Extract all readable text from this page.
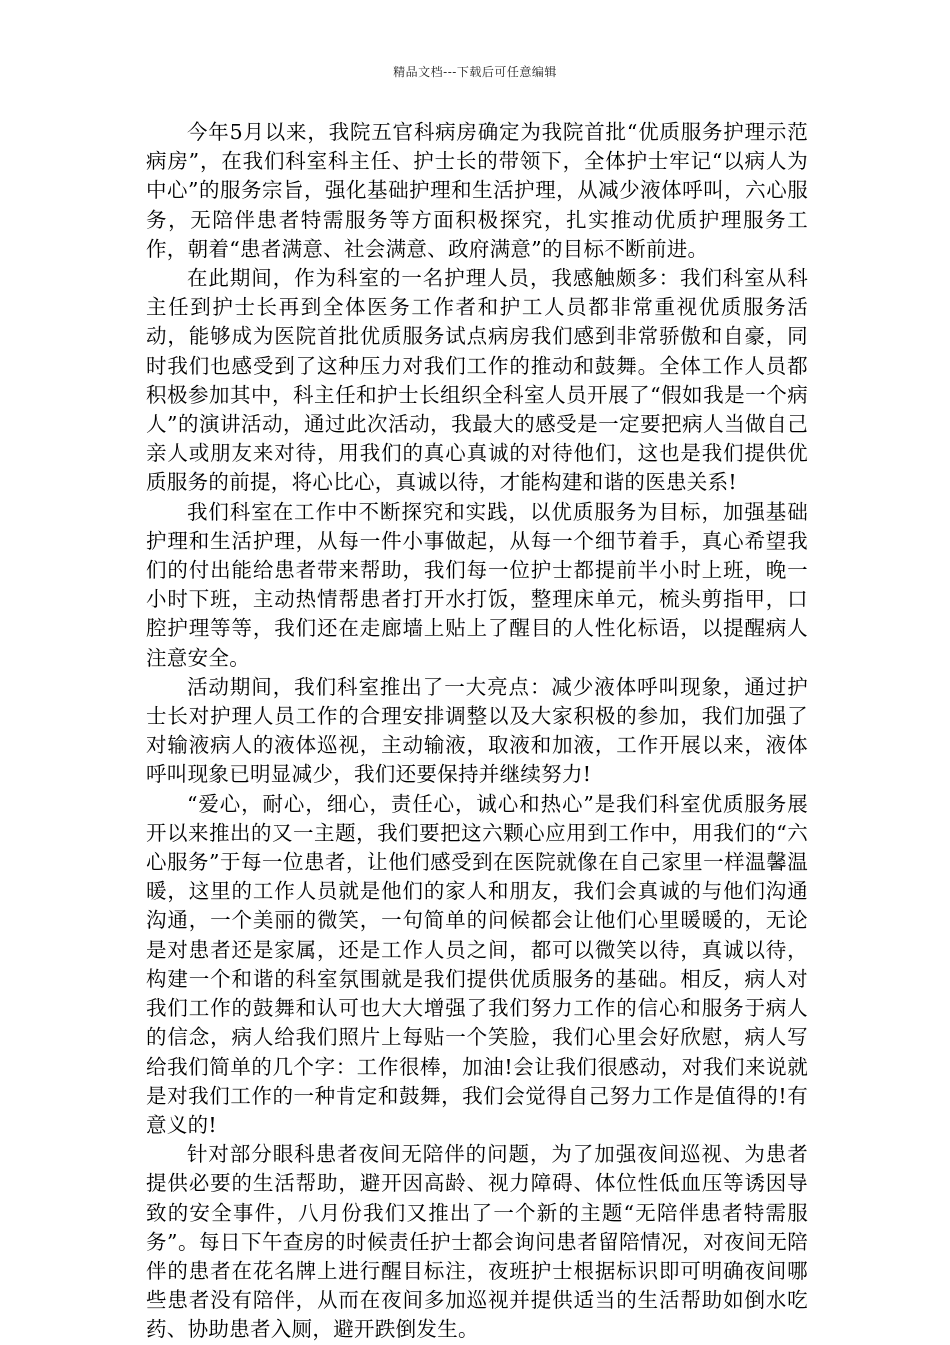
精品文档---下载后可任意编辑

今年5月以来，我院五官科病房确定为我院首批“优质服务护理示范病房”，在我们科室科主任、护士长的带领下，全体护士牢记“以病人为中心”的服务宗旨，强化基础护理和生活护理，从减少液体呼叫，六心服务，无陪伴患者特需服务等方面积极探究，扎实推动优质护理服务工作，朝着“患者满意、社会满意、政府满意”的目标不断前进。

在此期间，作为科室的一名护理人员，我感触颇多：我们科室从科主任到护士长再到全体医务工作者和护工人员都非常重视优质服务活动，能够成为医院首批优质服务试点病房我们感到非常骄傲和自豪，同时我们也感受到了这种压力对我们工作的推动和鼓舞。全体工作人员都积极参加其中，科主任和护士长组织全科室人员开展了“假如我是一个病人”的演讲活动，通过此次活动，我最大的感受是一定要把病人当做自己亲人或朋友来对待，用我们的真心真诚的对待他们，这也是我们提供优质服务的前提，将心比心，真诚以待，才能构建和谐的医患关系!

我们科室在工作中不断探究和实践，以优质服务为目标，加强基础护理和生活护理，从每一件小事做起，从每一个细节着手，真心希望我们的付出能给患者带来帮助，我们每一位护士都提前半小时上班，晚一小时下班，主动热情帮患者打开水打饭，整理床单元，梳头剪指甲，口腔护理等等，我们还在走廊墙上贴上了醒目的人性化标语，以提醒病人注意安全。

活动期间，我们科室推出了一大亮点：减少液体呼叫现象，通过护士长对护理人员工作的合理安排调整以及大家积极的参加，我们加强了对输液病人的液体巡视，主动输液，取液和加液，工作开展以来，液体呼叫现象已明显减少，我们还要保持并继续努力!

“爱心，耐心，细心，责任心，诚心和热心”是我们科室优质服务展开以来推出的又一主题，我们要把这六颗心应用到工作中，用我们的“六心服务”于每一位患者，让他们感受到在医院就像在自己家里一样温馨温暖，这里的工作人员就是他们的家人和朋友，我们会真诚的与他们沟通沟通，一个美丽的微笑，一句简单的问候都会让他们心里暖暖的，无论是对患者还是家属，还是工作人员之间，都可以微笑以待，真诚以待，构建一个和谐的科室氛围就是我们提供优质服务的基础。相反，病人对我们工作的鼓舞和认可也大大增强了我们努力工作的信心和服务于病人的信念，病人给我们照片上每贴一个笑脸，我们心里会好欣慰，病人写给我们简单的几个字：工作很棒，加油!会让我们很感动，对我们来说就是对我们工作的一种肯定和鼓舞，我们会觉得自己努力工作是值得的!有意义的!

针对部分眼科患者夜间无陪伴的问题，为了加强夜间巡视、为患者提供必要的生活帮助，避开因高龄、视力障碍、体位性低血压等诱因导致的安全事件，八月份我们又推出了一个新的主题“无陪伴患者特需服务”。每日下午查房的时候责任护士都会询问患者留陪情况，对夜间无陪伴的患者在花名牌上进行醒目标注，夜班护士根据标识即可明确夜间哪些患者没有陪伴，从而在夜间多加巡视并提供适当的生活帮助如倒水吃药、协助患者入厕，避开跌倒发生。
